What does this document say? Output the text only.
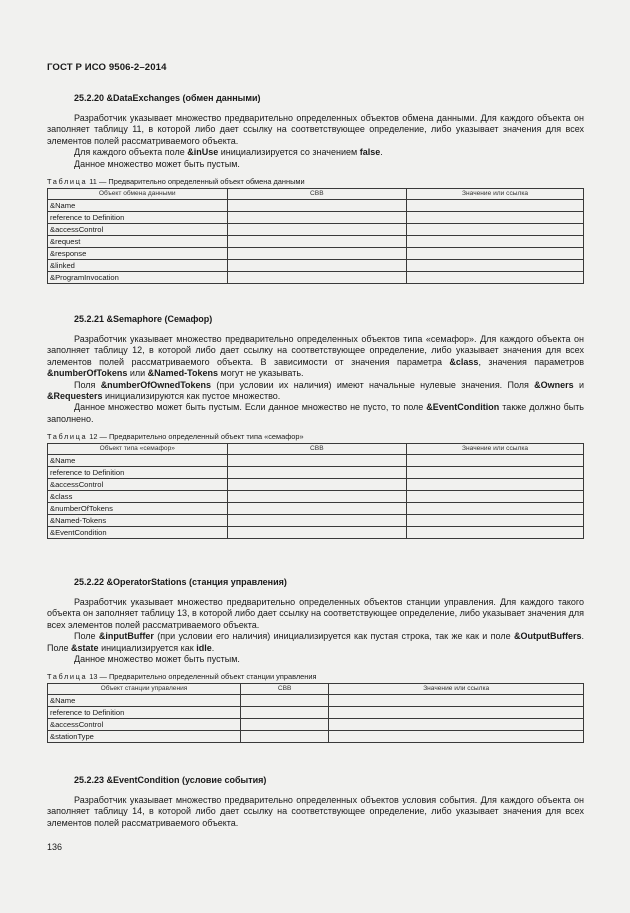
ГОСТ Р ИСО 9506-2–2014
25.2.20 &DataExchanges (обмен данными)

Разработчик указывает множество предварительно определенных объектов обмена данными. Для каждого объекта он заполняет таблицу 11, в которой либо дает ссылку на соответствующее определение, либо указывает значения для всех элементов полей рассматриваемого объекта.

Для каждого объекта поле &inUse инициализируется со значением false.

Данное множество может быть пустым.

Таблица 11 — Предварительно определенный объект обмена данными
Объект обмена данными	CBB	Значение или ссылка
&Name		
reference to Definition		
&accessControl		
&request		
&response		
&linked		
&ProgramInvocation		
25.2.21 &Semaphore (Семафор)

Разработчик указывает множество предварительно определенных объектов типа «семафор». Для каждого объекта он заполняет таблицу 12, в которой либо дает ссылку на соответствующее определение, либо указывает значения для всех элементов полей рассматриваемого объекта. В зависимости от значения параметра &class, значения параметров &numberOfTokens или &Named-Tokens могут не указывать.

Поля &numberOfOwnedTokens (при условии их наличия) имеют начальные нулевые значения. Поля &Owners и &Requesters инициализируются как пустое множество.

Данное множество может быть пустым. Если данное множество не пусто, то поле &EventCondition также должно быть заполнено.

Таблица 12 — Предварительно определенный объект типа «семафор»
Объект типа «семафор»	CBB	Значение или ссылка
&Name		
reference to Definition		
&accessControl		
&class		
&numberOfTokens		
&Named-Tokens		
&EventCondition		
25.2.22 &OperatorStations (станция управления)

Разработчик указывает множество предварительно определенных объектов станции управления. Для каждого такого объекта он заполняет таблицу 13, в которой либо дает ссылку на соответствующее определение, либо указывает значения для всех элементов полей рассматриваемого объекта.

Поле &inputBuffer (при условии его наличия) инициализируется как пустая строка, так же как и поле &OutputBuffers. Поле &state инициализируется как idle.

Данное множество может быть пустым.

Таблица 13 — Предварительно определенный объект станции управления
Объект станции управления	CBB	Значение или ссылка
&Name		
reference to Definition		
&accessControl		
&stationType		
25.2.23 &EventCondition (условие события)

Разработчик указывает множество предварительно определенных объектов условия события. Для каждого объекта он заполняет таблицу 14, в которой либо дает ссылку на соответствующее определение, либо указывает значения для всех элементов полей рассматриваемого объекта.

136
